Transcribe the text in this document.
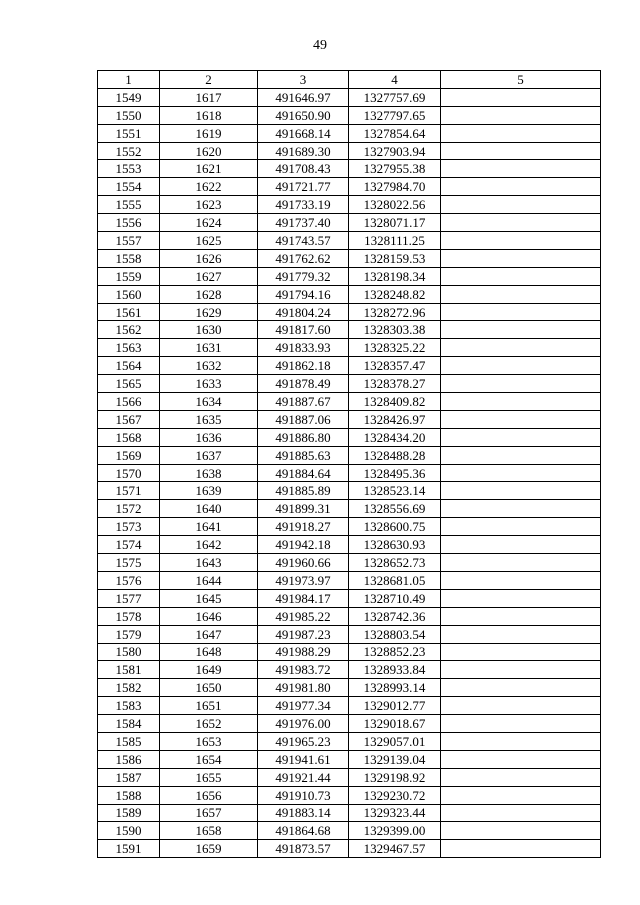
49
1	2	3	4	5
1549	1617	491646.97	1327757.69	
1550	1618	491650.90	1327797.65	
1551	1619	491668.14	1327854.64	
1552	1620	491689.30	1327903.94	
1553	1621	491708.43	1327955.38	
1554	1622	491721.77	1327984.70	
1555	1623	491733.19	1328022.56	
1556	1624	491737.40	1328071.17	
1557	1625	491743.57	1328111.25	
1558	1626	491762.62	1328159.53	
1559	1627	491779.32	1328198.34	
1560	1628	491794.16	1328248.82	
1561	1629	491804.24	1328272.96	
1562	1630	491817.60	1328303.38	
1563	1631	491833.93	1328325.22	
1564	1632	491862.18	1328357.47	
1565	1633	491878.49	1328378.27	
1566	1634	491887.67	1328409.82	
1567	1635	491887.06	1328426.97	
1568	1636	491886.80	1328434.20	
1569	1637	491885.63	1328488.28	
1570	1638	491884.64	1328495.36	
1571	1639	491885.89	1328523.14	
1572	1640	491899.31	1328556.69	
1573	1641	491918.27	1328600.75	
1574	1642	491942.18	1328630.93	
1575	1643	491960.66	1328652.73	
1576	1644	491973.97	1328681.05	
1577	1645	491984.17	1328710.49	
1578	1646	491985.22	1328742.36	
1579	1647	491987.23	1328803.54	
1580	1648	491988.29	1328852.23	
1581	1649	491983.72	1328933.84	
1582	1650	491981.80	1328993.14	
1583	1651	491977.34	1329012.77	
1584	1652	491976.00	1329018.67	
1585	1653	491965.23	1329057.01	
1586	1654	491941.61	1329139.04	
1587	1655	491921.44	1329198.92	
1588	1656	491910.73	1329230.72	
1589	1657	491883.14	1329323.44	
1590	1658	491864.68	1329399.00	
1591	1659	491873.57	1329467.57	
